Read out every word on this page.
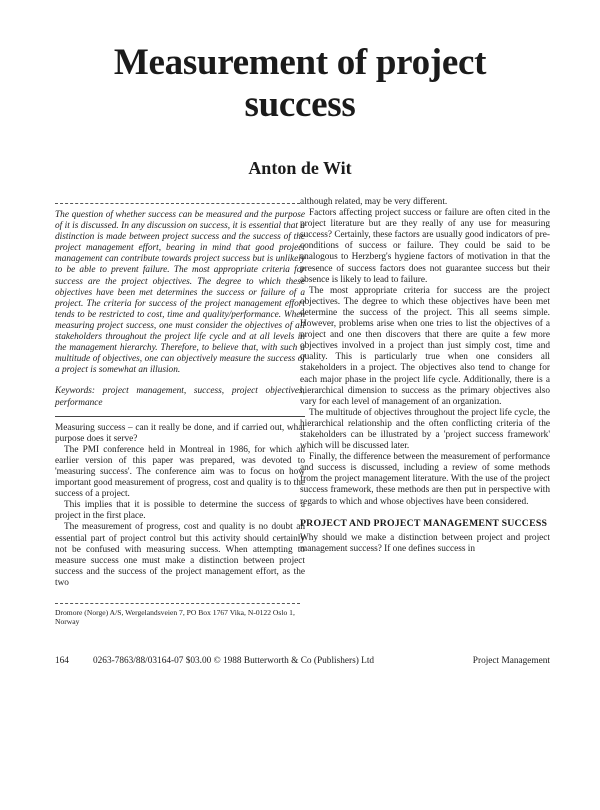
Measurement of project
success
Anton de Wit

The question of whether success can be measured and the purpose of it is discussed. In any discussion on success, it is essential that a distinction is made between project success and the success of the project management effort, bearing in mind that good project management can contribute towards project success but is unlikely to be able to prevent failure. The most appropriate criteria for success are the project objectives. The degree to which these objectives have been met determines the success or failure of a project. The criteria for success of the project management effort tends to be restricted to cost, time and quality/performance. When measuring project success, one must consider the objectives of all stakeholders throughout the project life cycle and at all levels in the management hierarchy. Therefore, to believe that, with such a multitude of objectives, one can objectively measure the success of a project is somewhat an illusion.

Keywords: project management, success, project objectives, performance

Measuring success – can it really be done, and if carried out, what purpose does it serve?

The PMI conference held in Montreal in 1986, for which an earlier version of this paper was prepared, was devoted to 'measuring success'. The conference aim was to focus on how important good measurement of progress, cost and quality is to the success of a project.

This implies that it is possible to determine the success of a project in the first place.

The measurement of progress, cost and quality is no doubt an essential part of project control but this activity should certainly not be confused with measuring success. When attempting to measure success one must make a distinction between project success and the success of the project management effort, as the two

although related, may be very different.

Factors affecting project success or failure are often cited in the project literature but are they really of any use for measuring success? Certainly, these factors are usually good indicators of pre-conditions of success or failure. They could be said to be analogous to Herzberg's hygiene factors of motivation in that the presence of success factors does not guarantee success but their absence is likely to lead to failure.

The most appropriate criteria for success are the project objectives. The degree to which these objectives have been met determine the success of the project. This all seems simple. However, problems arise when one tries to list the objectives of a project and one then discovers that there are quite a few more objectives involved in a project than just simply cost, time and quality. This is particularly true when one considers all stakeholders in a project. The objectives also tend to change for each major phase in the project life cycle. Additionally, there is a hierarchical dimension to success as the primary objectives also vary for each level of management of an organization.

The multitude of objectives throughout the project life cycle, the hierarchical relationship and the often conflicting criteria of the stakeholders can be illustrated by a 'project success framework' which will be discussed later.

Finally, the difference between the measurement of performance and success is discussed, including a review of some methods from the project management literature. With the use of the project success framework, these methods are then put in perspective with regards to which and whose objectives have been considered.

PROJECT AND PROJECT MANAGEMENT SUCCESS

Why should we make a distinction between project and project management success? If one defines success in

Dromore (Norge) A/S, Wergelandsveien 7, PO Box 1767 Vika, N-0122 Oslo 1, Norway
164	0263-7863/88/03164-07 $03.00 © 1988 Butterworth & Co (Publishers) Ltd	Project Management
